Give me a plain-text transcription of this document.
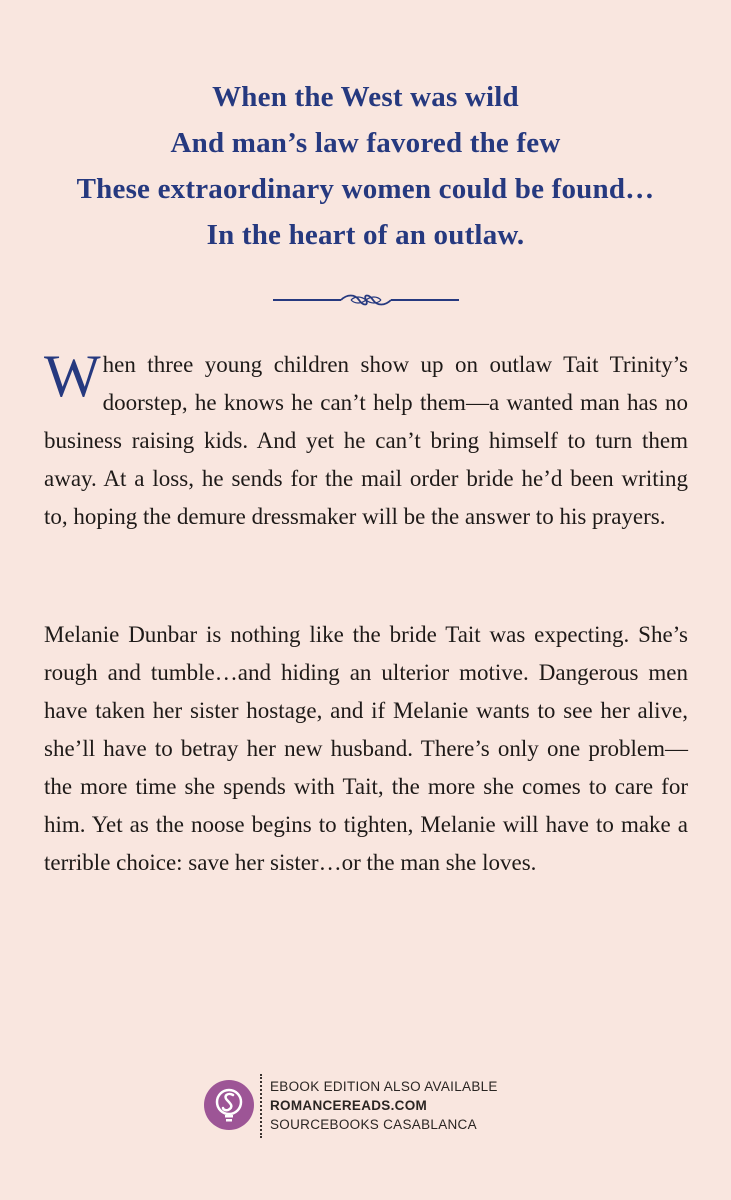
When the West was wild
And man’s law favored the few
These extraordinary women could be found…
In the heart of an outlaw.
When three young children show up on outlaw Tait Trinity’s doorstep, he knows he can’t help them—a wanted man has no business raising kids. And yet he can’t bring himself to turn them away. At a loss, he sends for the mail order bride he’d been writing to, hoping the demure dressmaker will be the answer to his prayers.
Melanie Dunbar is nothing like the bride Tait was expecting. She’s rough and tumble…and hiding an ulterior motive. Dangerous men have taken her sister hostage, and if Melanie wants to see her alive, she’ll have to betray her new husband. There’s only one problem—the more time she spends with Tait, the more she comes to care for him. Yet as the noose begins to tighten, Melanie will have to make a terrible choice: save her sister…or the man she loves.
EBOOK EDITION ALSO AVAILABLE
ROMANCEREADS.COM
SOURCEBOOKS CASABLANCA
